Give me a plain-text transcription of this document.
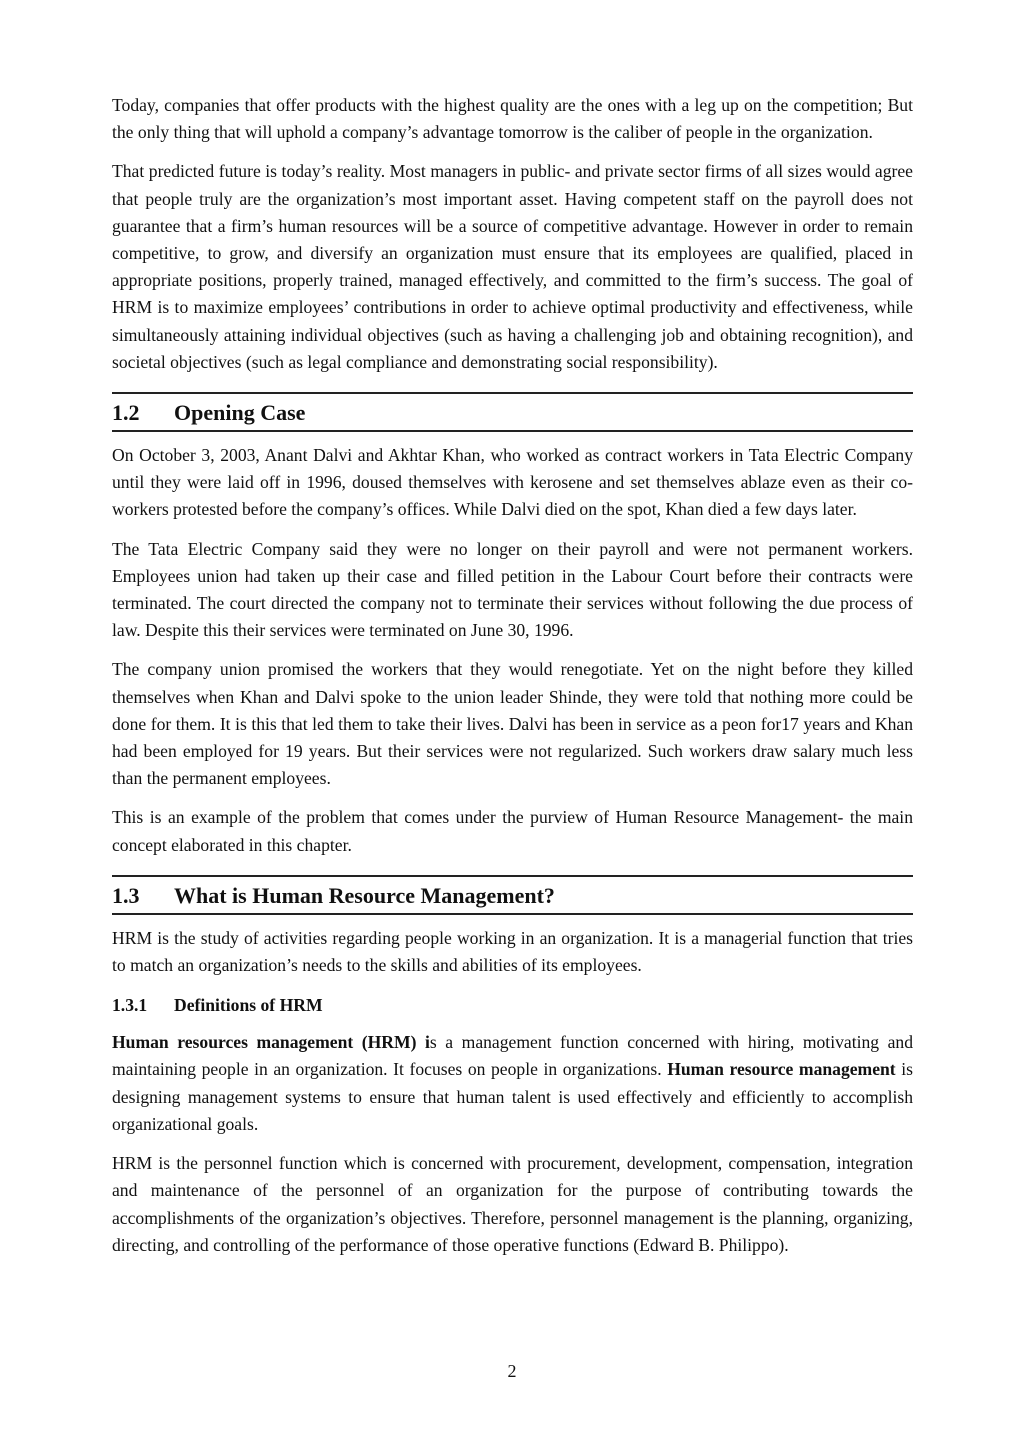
Today, companies that offer products with the highest quality are the ones with a leg up on the competition; But the only thing that will uphold a company’s advantage tomorrow is the caliber of people in the organization.

That predicted future is today’s reality. Most managers in public- and private sector firms of all sizes would agree that people truly are the organization’s most important asset. Having competent staff on the payroll does not guarantee that a firm’s human resources will be a source of competitive advantage. However in order to remain competitive, to grow, and diversify an organization must ensure that its employees are qualified, placed in appropriate positions, properly trained, managed effectively, and committed to the firm’s success. The goal of HRM is to maximize employees’ contributions in order to achieve optimal productivity and effectiveness, while simultaneously attaining individual objectives (such as having a challenging job and obtaining recognition), and societal objectives (such as legal compliance and demonstrating social responsibility).

1.2	Opening Case

On October 3, 2003, Anant Dalvi and Akhtar Khan, who worked as contract workers in Tata Electric Company until they were laid off in 1996, doused themselves with kerosene and set themselves ablaze even as their co-workers protested before the company’s offices. While Dalvi died on the spot, Khan died a few days later.

The Tata Electric Company said they were no longer on their payroll and were not permanent workers. Employees union had taken up their case and filled petition in the Labour Court before their contracts were terminated. The court directed the company not to terminate their services without following the due process of law. Despite this their services were terminated on June 30, 1996.

The company union promised the workers that they would renegotiate. Yet on the night before they killed themselves when Khan and Dalvi spoke to the union leader Shinde, they were told that nothing more could be done for them. It is this that led them to take their lives. Dalvi has been in service as a peon for17 years and Khan had been employed for 19 years. But their services were not regularized. Such workers draw salary much less than the permanent employees.

This is an example of the problem that comes under the purview of Human Resource Management- the main concept elaborated in this chapter.

1.3	What is Human Resource Management?

HRM is the study of activities regarding people working in an organization. It is a managerial function that tries to match an organization’s needs to the skills and abilities of its employees.

1.3.1	Definitions of HRM

Human resources management (HRM) is a management function concerned with hiring, motivating and maintaining people in an organization. It focuses on people in organizations. Human resource management is designing management systems to ensure that human talent is used effectively and efficiently to accomplish organizational goals.

HRM is the personnel function which is concerned with procurement, development, compensation, integration and maintenance of the personnel of an organization for the purpose of contributing towards the accomplishments of the organization’s objectives. Therefore, personnel management is the planning, organizing, directing, and controlling of the performance of those operative functions (Edward B. Philippo).

2
